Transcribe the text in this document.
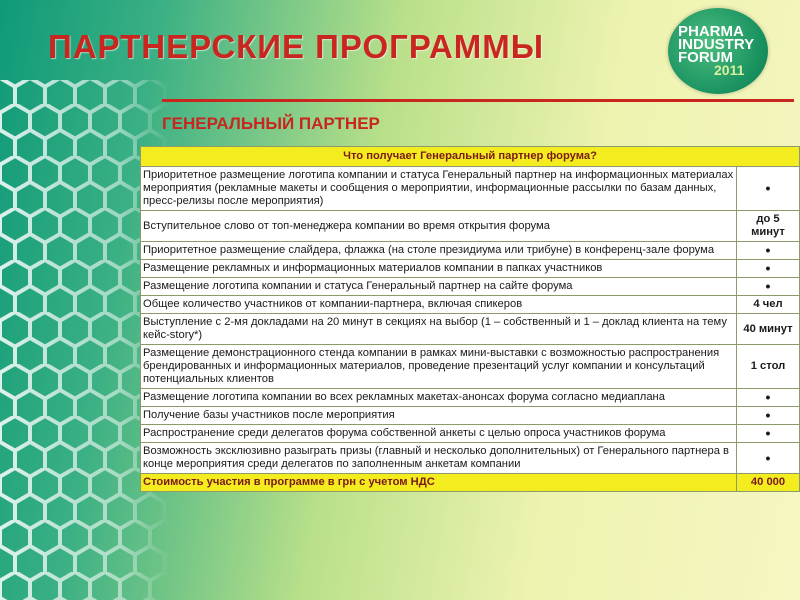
ПАРТНЕРСКИЕ ПРОГРАММЫ
ГЕНЕРАЛЬНЫЙ ПАРТНЕР
PHARMA
INDUSTRY
FORUM
2011
Что получает Генеральный партнер форума?	
Приоритетное размещение логотипа компании и статуса Генеральный партнер на информационных материалах мероприятия (рекламные макеты и сообщения о мероприятии, информационные рассылки по базам данных, пресс-релизы после мероприятия)	•
Вступительное слово от топ-менеджера компании во время открытия форума	до 5 минут
Приоритетное размещение слайдера, флажка (на столе президиума или трибуне) в конференц-зале форума	•
Размещение рекламных и информационных материалов компании в папках участников	•
Размещение логотипа компании и статуса Генеральный партнер на сайте форума	•
Общее количество участников от компании-партнера, включая спикеров	4 чел
Выступление с 2-мя докладами на 20 минут в секциях на выбор (1 – собственный и 1 – доклад клиента на тему кейс-story*)	40 минут
Размещение демонстрационного стенда компании в рамках мини-выставки с возможностью распространения брендированных и информационных материалов, проведение презентаций услуг компании и консультаций потенциальных клиентов	1 стол
Размещение логотипа компании во всех рекламных макетах-анонсах форума согласно медиаплана	•
Получение базы участников после мероприятия	•
Распространение среди делегатов форума собственной анкеты с целью опроса участников форума	•
Возможность эксклюзивно разыграть призы (главный и несколько дополнительных) от Генерального партнера в конце мероприятия среди делегатов по заполненным анкетам компании	•
Стоимость участия в программе в грн с учетом НДС	40 000
